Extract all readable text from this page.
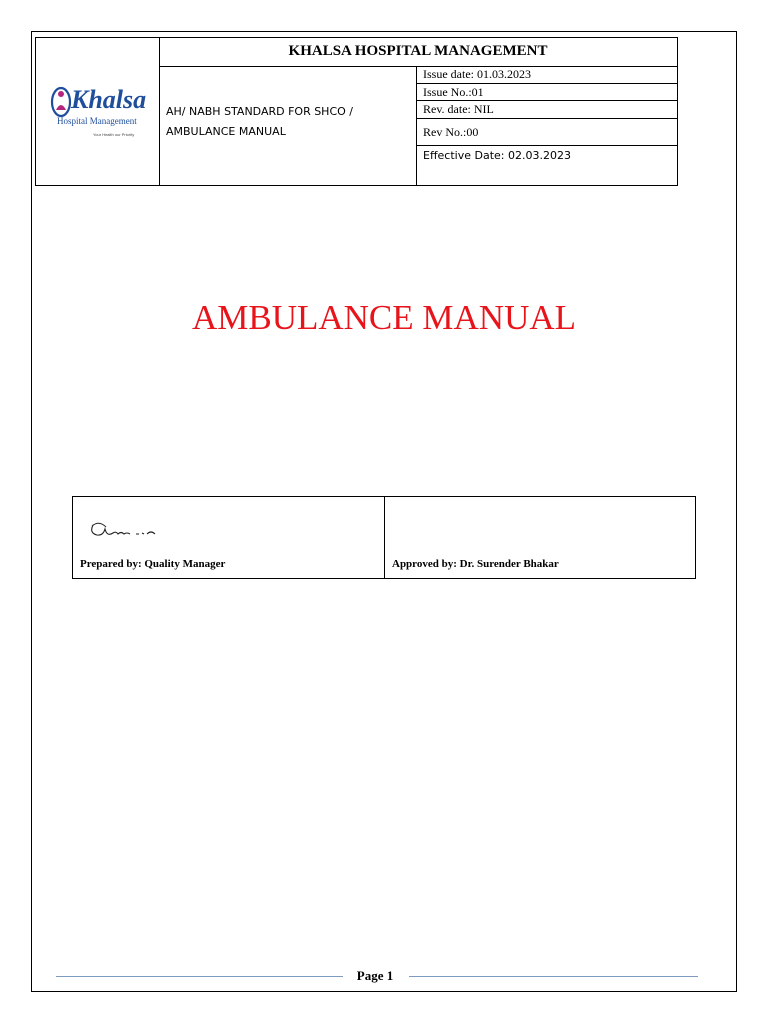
Khalsa
Hospital Management
Your Health our Priority
KHALSA HOSPITAL MANAGEMENT
AH/ NABH STANDARD FOR SHCO /
AMBULANCE MANUAL
Issue date: 01.03.2023
Issue No.:01
Rev. date: NIL
Rev No.:00
Effective Date: 02.03.2023
AMBULANCE MANUAL
Prepared by: Quality Manager	Approved by: Dr. Surender Bhakar
Page 1
